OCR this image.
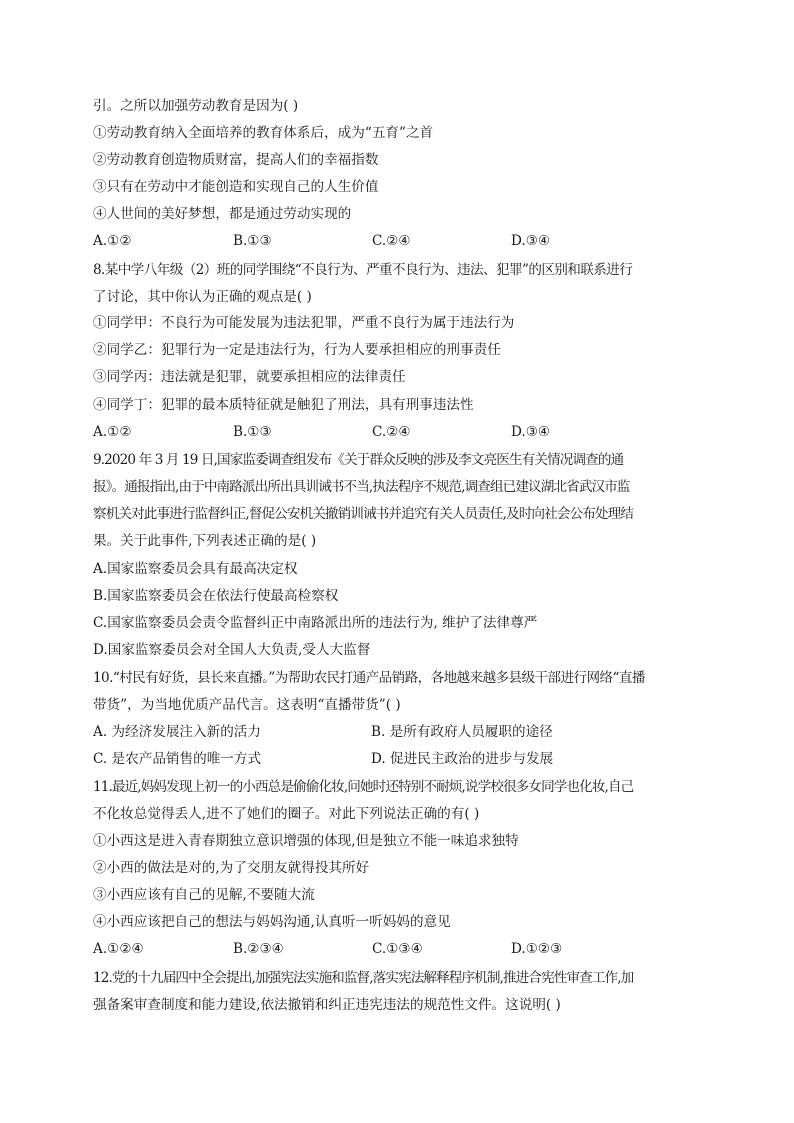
引。之所以加强劳动教育是因为( )
①劳动教育纳入全面培养的教育体系后，成为“五育”之首
②劳动教育创造物质财富，提高人们的幸福指数
③只有在劳动中才能创造和实现自己的人生价值
④人世间的美好梦想，都是通过劳动实现的
A.①②	B.①③	C.②④	D.③④
8.某中学八年级（2）班的同学围绕“不良行为、严重不良行为、违法、犯罪”的区别和联系进行
了讨论，其中你认为正确的观点是( )
①同学甲：不良行为可能发展为违法犯罪，严重不良行为属于违法行为
②同学乙：犯罪行为一定是违法行为，行为人要承担相应的刑事责任
③同学丙：违法就是犯罪，就要承担相应的法律责任
④同学丁：犯罪的最本质特征就是触犯了刑法，具有刑事违法性
A.①②	B.①③	C.②④	D.③④
9.2020 年 3 月 19 日,国家监委调查组发布《关于群众反映的涉及李文亮医生有关情况调查的通
报》。通报指出,由于中南路派出所出具训诫书不当,执法程序不规范,调查组已建议湖北省武汉市监
察机关对此事进行监督纠正,督促公安机关撤销训诫书并追究有关人员责任,及时向社会公布处理结
果。关于此事件,下列表述正确的是( )
A.国家监察委员会具有最高决定权
B.国家监察委员会在依法行使最高检察权
C.国家监察委员会责令监督纠正中南路派出所的违法行为, 维护了法律尊严
D.国家监察委员会对全国人大负责,受人大监督
10.“村民有好货，县长来直播。”为帮助农民打通产品销路，各地越来越多县级干部进行网络“直播
带货”，为当地优质产品代言。这表明“直播带货”( )
A. 为经济发展注入新的活力	B. 是所有政府人员履职的途径
C. 是农产品销售的唯一方式	D. 促进民主政治的进步与发展
11.最近,妈妈发现上初一的小西总是偷偷化妆,问她时还特别不耐烦,说学校很多女同学也化妆,自己
不化妆总觉得丢人,进不了她们的圈子。对此下列说法正确的有( )
①小西这是进入青春期独立意识增强的体现,但是独立不能一味追求独特
②小西的做法是对的,为了交朋友就得投其所好
③小西应该有自己的见解,不要随大流
④小西应该把自己的想法与妈妈沟通,认真听一听妈妈的意见
A.①②④	B.②③④	C.①③④	D.①②③
12.党的十九届四中全会提出,加强宪法实施和监督,落实宪法解释程序机制,推进合宪性审查工作,加
强备案审查制度和能力建设,依法撤销和纠正违宪违法的规范性文件。这说明( )
